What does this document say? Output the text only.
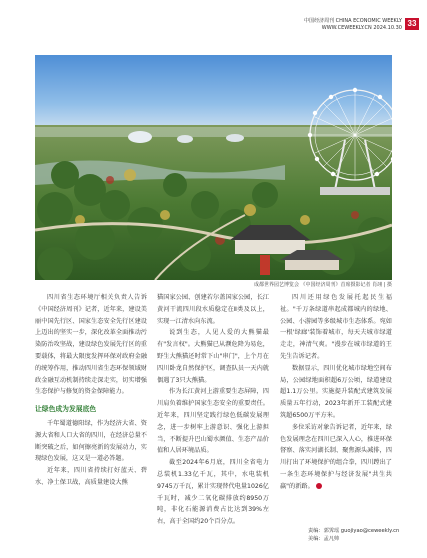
中国经济周刊 CHINA ECONOMIC WEEKLY
WWW.CEWEEKLY.CN 2024.10.30 33
成都世界园艺博览会 《中国经济周刊》首席摄影记者 肖翊 | 摄

四川省生态环境厅相关负责人告诉《中国经济周刊》记者，近年来，建设美丽中国先行区、国家生态安全先行区建设上迈出的坚实一步，深化改革全面推动污染防治攻坚战，建设绿色发展先行区的重要载体，将最大限度发挥环保对政府金融的统筹作用，推动四川省生态环保领域财政金融互动机制持续走深走实，切实增强生态保护与修复的资金保障能力。

让绿色成为发展底色

千年蜀道德阳绿，作为经济大省、资源大省和人口大省的四川，在经济总量不断突破之后，如何擦亮新的发展动力，实现绿色发展，这又是一道必答题。

近年来，四川省持续打好蓝天、碧水、净土保卫战，高质量建设大熊

猫国家公园、创建若尔盖国家公园，长江黄河干流四川段水质稳定在Ⅱ类及以上，实现一江清水向东流。

说到生态，人见人爱的大熊猫最有"发言权"。大熊猫已从濒危降为易危，野生大熊猫还时常下山"串门"，上个月在四川卧龙自然保护区，调查队员一天内就偶遇了3只大熊猫。

作为长江黄河上游重要生态屏障，四川肩负着维护国家生态安全的重要责任。近年来，四川坚定践行绿色低碳发展理念，进一步树牢上游意识、强化上游担当，不断提升巴山蜀水颜值、生态产品价值和人居环境品质。

截至2024年6月底，四川全省电力总装机1.33亿千瓦，其中，水电装机9745万千瓦，累计实现替代电量1026亿千瓦时，减少二氧化碳排放约8950万吨，非化石能源消费占比达到39%左右，高于全国约20个百分点。

四川还用绿色发展托起民生福祉。"千万条绿道串起成都城内的绿地、公园、小游园等多级城市生态体系。宛如一根'绿廊'装饰着城市，每天夫城市绿道走走，神清气爽。"漫步在城市绿道的王先生告诉记者。

数据显示，四川优化城市绿地空间布局，公园绿地面积超6万公顷，绿道建设超1.1万公里。实施提升装配式建筑发展质量五年行动，2023年新开工装配式建筑超6500万平方米。

多位采访对象告诉记者，近年来，绿色发展理念在四川已深入人心，推进环保督察、落实河湖长制、聚焦源头减排，四川打出了环境保护的组合拳，四川蹚出了一条生态环境保护与经济发展"共生共赢"的新路。

责编：郭霁瑶 guojiyao@ceweekly.cn
美编：孟凡帅
